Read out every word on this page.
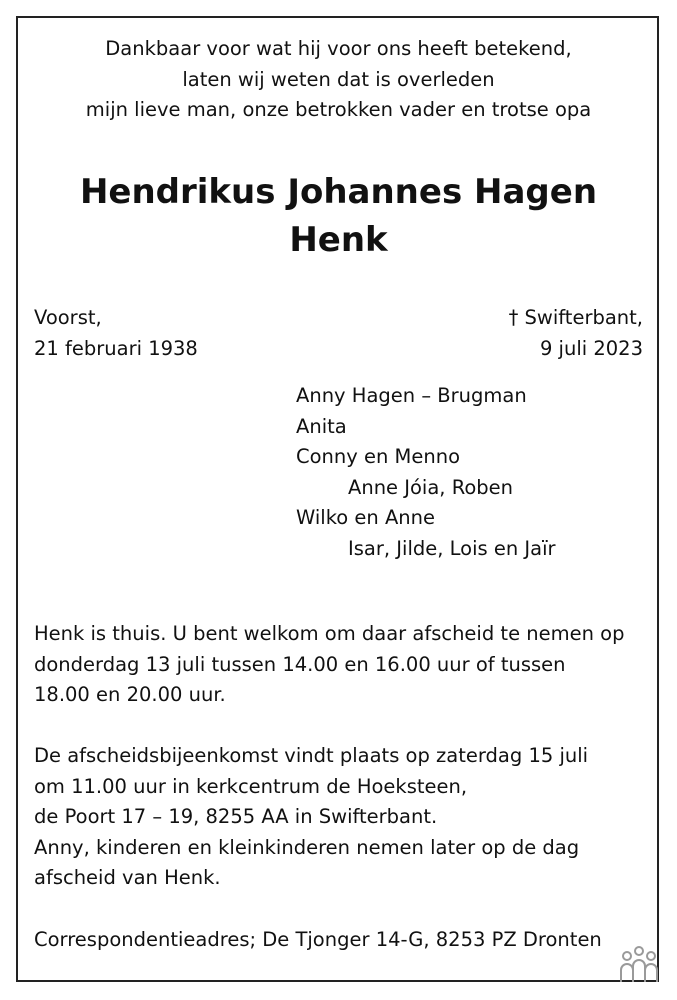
Dankbaar voor wat hij voor ons heeft betekend,
laten wij weten dat is overleden
mijn lieve man, onze betrokken vader en trotse opa
Hendrikus Johannes Hagen
Henk
Voorst,
21 februari 1938
† Swifterbant,
9 juli 2023
Anny Hagen – Brugman
Anita
Conny en Menno
Anne Jóia, Roben
Wilko en Anne
Isar, Jilde, Lois en Jaïr
Henk is thuis. U bent welkom om daar afscheid te nemen op
donderdag 13 juli tussen 14.00 en 16.00 uur of tussen
18.00 en 20.00 uur.
De afscheidsbijeenkomst vindt plaats op zaterdag 15 juli
om 11.00 uur in kerkcentrum de Hoeksteen,
de Poort 17 – 19, 8255 AA in Swifterbant.
Anny, kinderen en kleinkinderen nemen later op de dag
afscheid van Henk.
Correspondentieadres; De Tjonger 14-G, 8253 PZ Dronten
